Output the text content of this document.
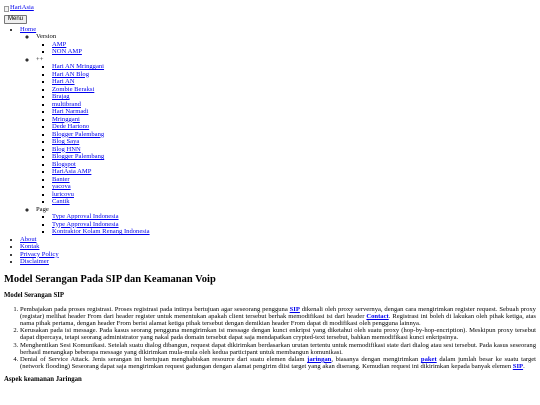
HariAsia

Menu
• Home
◦ Version
▪ AMP
▪ NON AMP
◦ ++
▪ Hari AN Mringgani
▪ Hari AN Blog
▪ Hari AN
▪ Zombie Beraksi
▪ Brajag
▪ multibrand
▪ Hari Narmadi
▪ Mringgani
▪ Dede Hartono
▪ Blogger Palembang
▪ Blog Saya
▪ Blog HNN
▪ Blogger Palembang
▪ Blogspot
▪ HariAsia AMP
▪ Banter
▪ yacova
▪ luricovu
▪ Cantik
◦ Page
▪ Type Approval Indonesia
▪ Type Approval Indonesia
▪ Kontraktor Kolam Renang Indonesia
• About
• Kontak
• Privacy Policy
• Disclaimer
Model Serangan Pada SIP dan Keamanan Voip
Model Serangan SIP
1. Pembajakan pada proses registrasi. Proses registrasi pada intinya bertujuan agar seseorang pengguna SIP dikenali oleh proxy servernya, dengan cara mengirimkan register request. Sebuah proxy (registar) melihat header From dari header register untuk menentukan apakah client tersebut berhak memodifikasi isi dari header Contact. Registrasi ini boleh di lakukan oleh pihak ketiga, atas nama pihak pertama, dengan header From berisi alamat ketiga pihak tersebut dengan demikian header From dapat di modifikasi oleh pengguna lainnya.
2. Kerusakan pada isi message. Pada kasus seorang pengguna mengirimkan isi message dengan kunci enkripsi yang diketahui oleh suatu proxy (hop-by-hop-encription). Meskipun proxy tersebut dapat dipercaya, tetapi seorang administrator yang nakal pada domain tersebut dapat saja mendapatkan crypted-text tersebut, bahkan memodifikasi kunci enkripsinya.
3. Menghentikan Sesi Komunikasi. Setelah suatu dialog dibangun, request dapat dikirimkan berdasarkan urutan tertentu untuk memodifikasi state dari dialog atau sesi tersebut. Pada kasus seseorang berhasil menangkap beberapa message yang dikirimkan mula-mula oleh kedua participant untuk membangun komunikasi.
4. Denial of Service Attack. Jenis serangan ini bertujuan menghabiskan resource dari suatu elemen dalam jaringan, biasanya dengan mengirimkan paket dalam jumlah besar ke suatu target (network flooding) Seseorang dapat saja mengirimkan request gadungan dengan alamat pengirim diisi target yang akan diserang. Kemudian request ini dikirimkan kepada banyak elemen SIP.
Aspek keamanan Jaringan
